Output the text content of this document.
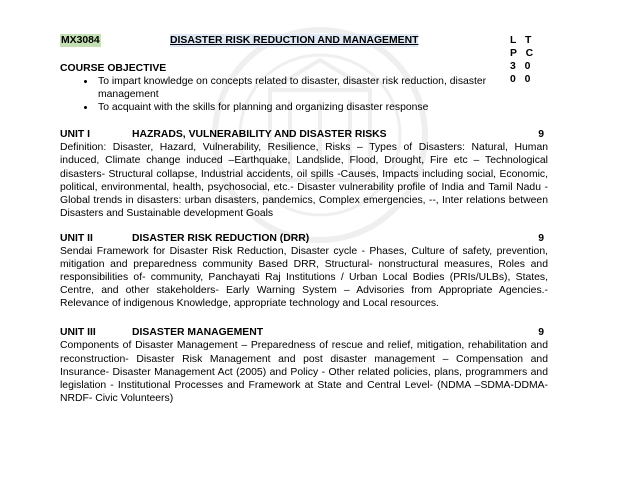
MX3084	DISASTER RISK REDUCTION AND MANAGEMENT	L T P C
3 0 0 0

COURSE OBJECTIVE

• To impart knowledge on concepts related to disaster, disaster risk reduction, disaster management
• To acquaint with the skills for planning and organizing disaster response
UNIT I	HAZRADS, VULNERABILITY AND DISASTER RISKS	9

Definition: Disaster, Hazard, Vulnerability, Resilience, Risks – Types of Disasters: Natural, Human induced, Climate change induced –Earthquake, Landslide, Flood, Drought, Fire etc – Technological disasters- Structural collapse, Industrial accidents, oil spills -Causes, Impacts including social, Economic, political, environmental, health, psychosocial, etc.- Disaster vulnerability profile of India and Tamil Nadu - Global trends in disasters: urban disasters, pandemics, Complex emergencies, --, Inter relations between Disasters and Sustainable development Goals

UNIT II	DISASTER RISK REDUCTION (DRR)	9

Sendai Framework for Disaster Risk Reduction, Disaster cycle - Phases, Culture of safety, prevention, mitigation and preparedness community Based DRR, Structural- nonstructural measures, Roles and responsibilities of- community, Panchayati Raj Institutions / Urban Local Bodies (PRIs/ULBs), States, Centre, and other stakeholders- Early Warning System – Advisories from Appropriate Agencies.- Relevance of indigenous Knowledge, appropriate technology and Local resources.

UNIT III	DISASTER MANAGEMENT	9

Components of Disaster Management – Preparedness of rescue and relief, mitigation, rehabilitation and reconstruction- Disaster Risk Management and post disaster management – Compensation and Insurance- Disaster Management Act (2005) and Policy - Other related policies, plans, programmers and legislation - Institutional Processes and Framework at State and Central Level- (NDMA –SDMA-DDMA-NRDF- Civic Volunteers)
